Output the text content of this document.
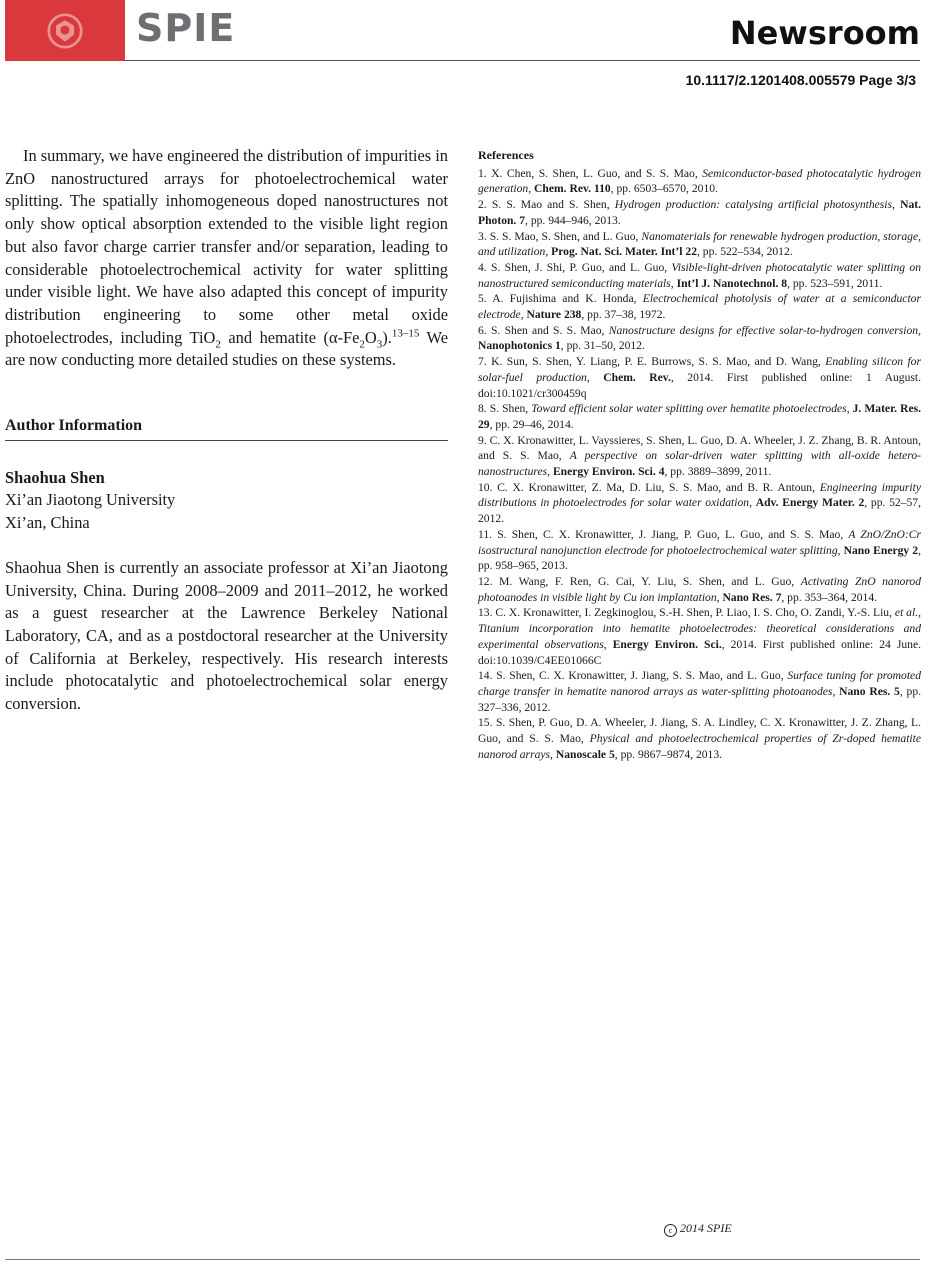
SPIE	Newsroom
10.1117/2.1201408.005579 Page 3/3

In summary, we have engineered the distribution of impurities in ZnO nanostructured arrays for photoelectrochemical water splitting. The spatially inhomogeneous doped nanostructures not only show optical absorption extended to the visible light region but also favor charge carrier transfer and/or separation, leading to considerable photoelectrochemical activity for water splitting under visible light. We have also adapted this concept of impurity distribution engineering to some other metal oxide photoelectrodes, including TiO$_2$ and hematite $(\alpha-Fe_2O_3).^{13-15}$ We are now conducting more detailed studies on these systems.

Author Information
Shaohua Shen
Xi’an Jiaotong University
Xi’an, China

Shaohua Shen is currently an associate professor at Xi’an Jiaotong University, China. During 2008–2009 and 2011–2012, he worked as a guest researcher at the Lawrence Berkeley National Laboratory, CA, and as a postdoctoral researcher at the University of California at Berkeley, respectively. His research interests include photocatalytic and photoelectrochemical solar energy conversion.

References
1. X. Chen, S. Shen, L. Guo, and S. S. Mao, Semiconductor-based photocatalytic hydrogen generation, Chem. Rev. 110, pp. 6503–6570, 2010.
2. S. S. Mao and S. Shen, Hydrogen production: catalysing artificial photosynthesis, Nat. Photon. 7, pp. 944–946, 2013.
3. S. S. Mao, S. Shen, and L. Guo, Nanomaterials for renewable hydrogen production, storage, and utilization, Prog. Nat. Sci. Mater. Int’l 22, pp. 522–534, 2012.
4. S. Shen, J. Shi, P. Guo, and L. Guo, Visible-light-driven photocatalytic water splitting on nanostructured semiconducting materials, Int’l J. Nanotechnol. 8, pp. 523–591, 2011.
5. A. Fujishima and K. Honda, Electrochemical photolysis of water at a semiconductor electrode, Nature 238, pp. 37–38, 1972.
6. S. Shen and S. S. Mao, Nanostructure designs for effective solar-to-hydrogen conversion, Nanophotonics 1, pp. 31–50, 2012.
7. K. Sun, S. Shen, Y. Liang, P. E. Burrows, S. S. Mao, and D. Wang, Enabling silicon for solar-fuel production, Chem. Rev., 2014. First published online: 1 August. doi:10.1021/cr300459q
8. S. Shen, Toward efficient solar water splitting over hematite photoelectrodes, J. Mater. Res. 29, pp. 29–46, 2014.
9. C. X. Kronawitter, L. Vayssieres, S. Shen, L. Guo, D. A. Wheeler, J. Z. Zhang, B. R. Antoun, and S. S. Mao, A perspective on solar-driven water splitting with all-oxide hetero-nanostructures, Energy Environ. Sci. 4, pp. 3889–3899, 2011.
10. C. X. Kronawitter, Z. Ma, D. Liu, S. S. Mao, and B. R. Antoun, Engineering impurity distributions in photoelectrodes for solar water oxidation, Adv. Energy Mater. 2, pp. 52–57, 2012.
11. S. Shen, C. X. Kronawitter, J. Jiang, P. Guo, L. Guo, and S. S. Mao, A ZnO/ZnO:Cr isostructural nanojunction electrode for photoelectrochemical water splitting, Nano Energy 2, pp. 958–965, 2013.
12. M. Wang, F. Ren, G. Cai, Y. Liu, S. Shen, and L. Guo, Activating ZnO nanorod photoanodes in visible light by Cu ion implantation, Nano Res. 7, pp. 353–364, 2014.
13. C. X. Kronawitter, I. Zegkinoglou, S.-H. Shen, P. Liao, I. S. Cho, O. Zandi, Y.-S. Liu, et al., Titanium incorporation into hematite photoelectrodes: theoretical considerations and experimental observations, Energy Environ. Sci., 2014. First published online: 24 June. doi:10.1039/C4EE01066C
14. S. Shen, C. X. Kronawitter, J. Jiang, S. S. Mao, and L. Guo, Surface tuning for promoted charge transfer in hematite nanorod arrays as water-splitting photoanodes, Nano Res. 5, pp. 327–336, 2012.
15. S. Shen, P. Guo, D. A. Wheeler, J. Jiang, S. A. Lindley, C. X. Kronawitter, J. Z. Zhang, L. Guo, and S. S. Mao, Physical and photoelectrochemical properties of Zr-doped hematite nanorod arrays, Nanoscale 5, pp. 9867–9874, 2013.
c 2014 SPIE
